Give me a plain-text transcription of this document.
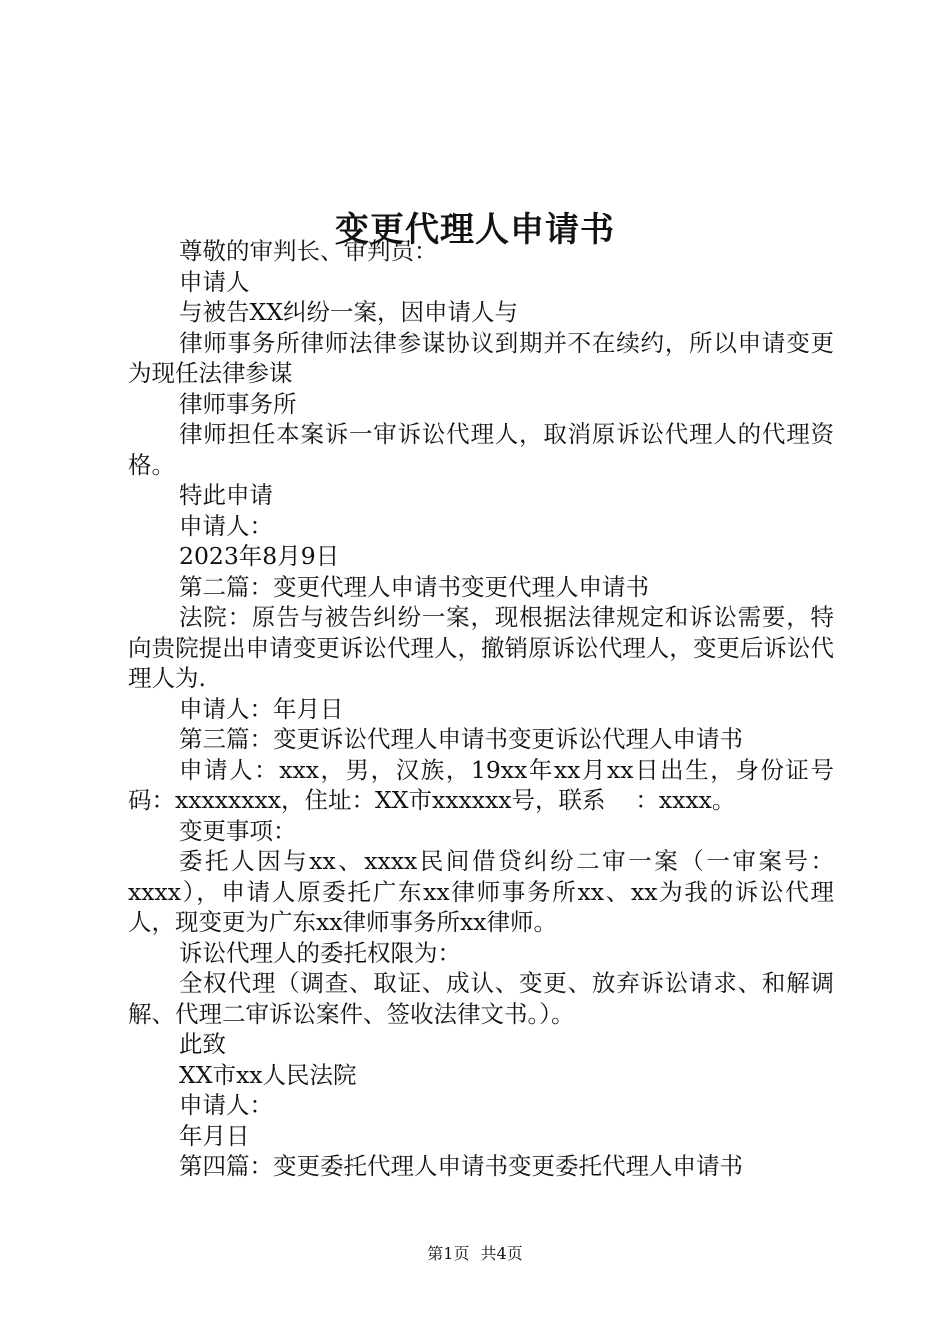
变更代理人申请书

尊敬的审判长、审判员：

申请人

与被告XX纠纷一案，因申请人与

律师事务所律师法律参谋协议到期并不在续约，所以申请变更为现任法律参谋

律师事务所

律师担任本案诉一审诉讼代理人，取消原诉讼代理人的代理资格。

特此申请

申请人：

2023年8月9日

第二篇：变更代理人申请书变更代理人申请书

法院：原告与被告纠纷一案，现根据法律规定和诉讼需要，特向贵院提出申请变更诉讼代理人，撤销原诉讼代理人，变更后诉讼代理人为.

申请人：年月日

第三篇：变更诉讼代理人申请书变更诉讼代理人申请书

申请人：xxx，男，汉族，19xx年xx月xx日出生，身份证号码：xxxxxxxx，住址：XX市xxxxxx号，联系    ：xxxx。

变更事项：

委托人因与xx、xxxx民间借贷纠纷二审一案（一审案号：xxxx），申请人原委托广东xx律师事务所xx、xx为我的诉讼代理人，现变更为广东xx律师事务所xx律师。

诉讼代理人的委托权限为：

全权代理（调查、取证、成认、变更、放弃诉讼请求、和解调解、代理二审诉讼案件、签收法律文书。）。

此致

XX市xx人民法院

申请人：

年月日

第四篇：变更委托代理人申请书变更委托代理人申请书

第1页 共4页
